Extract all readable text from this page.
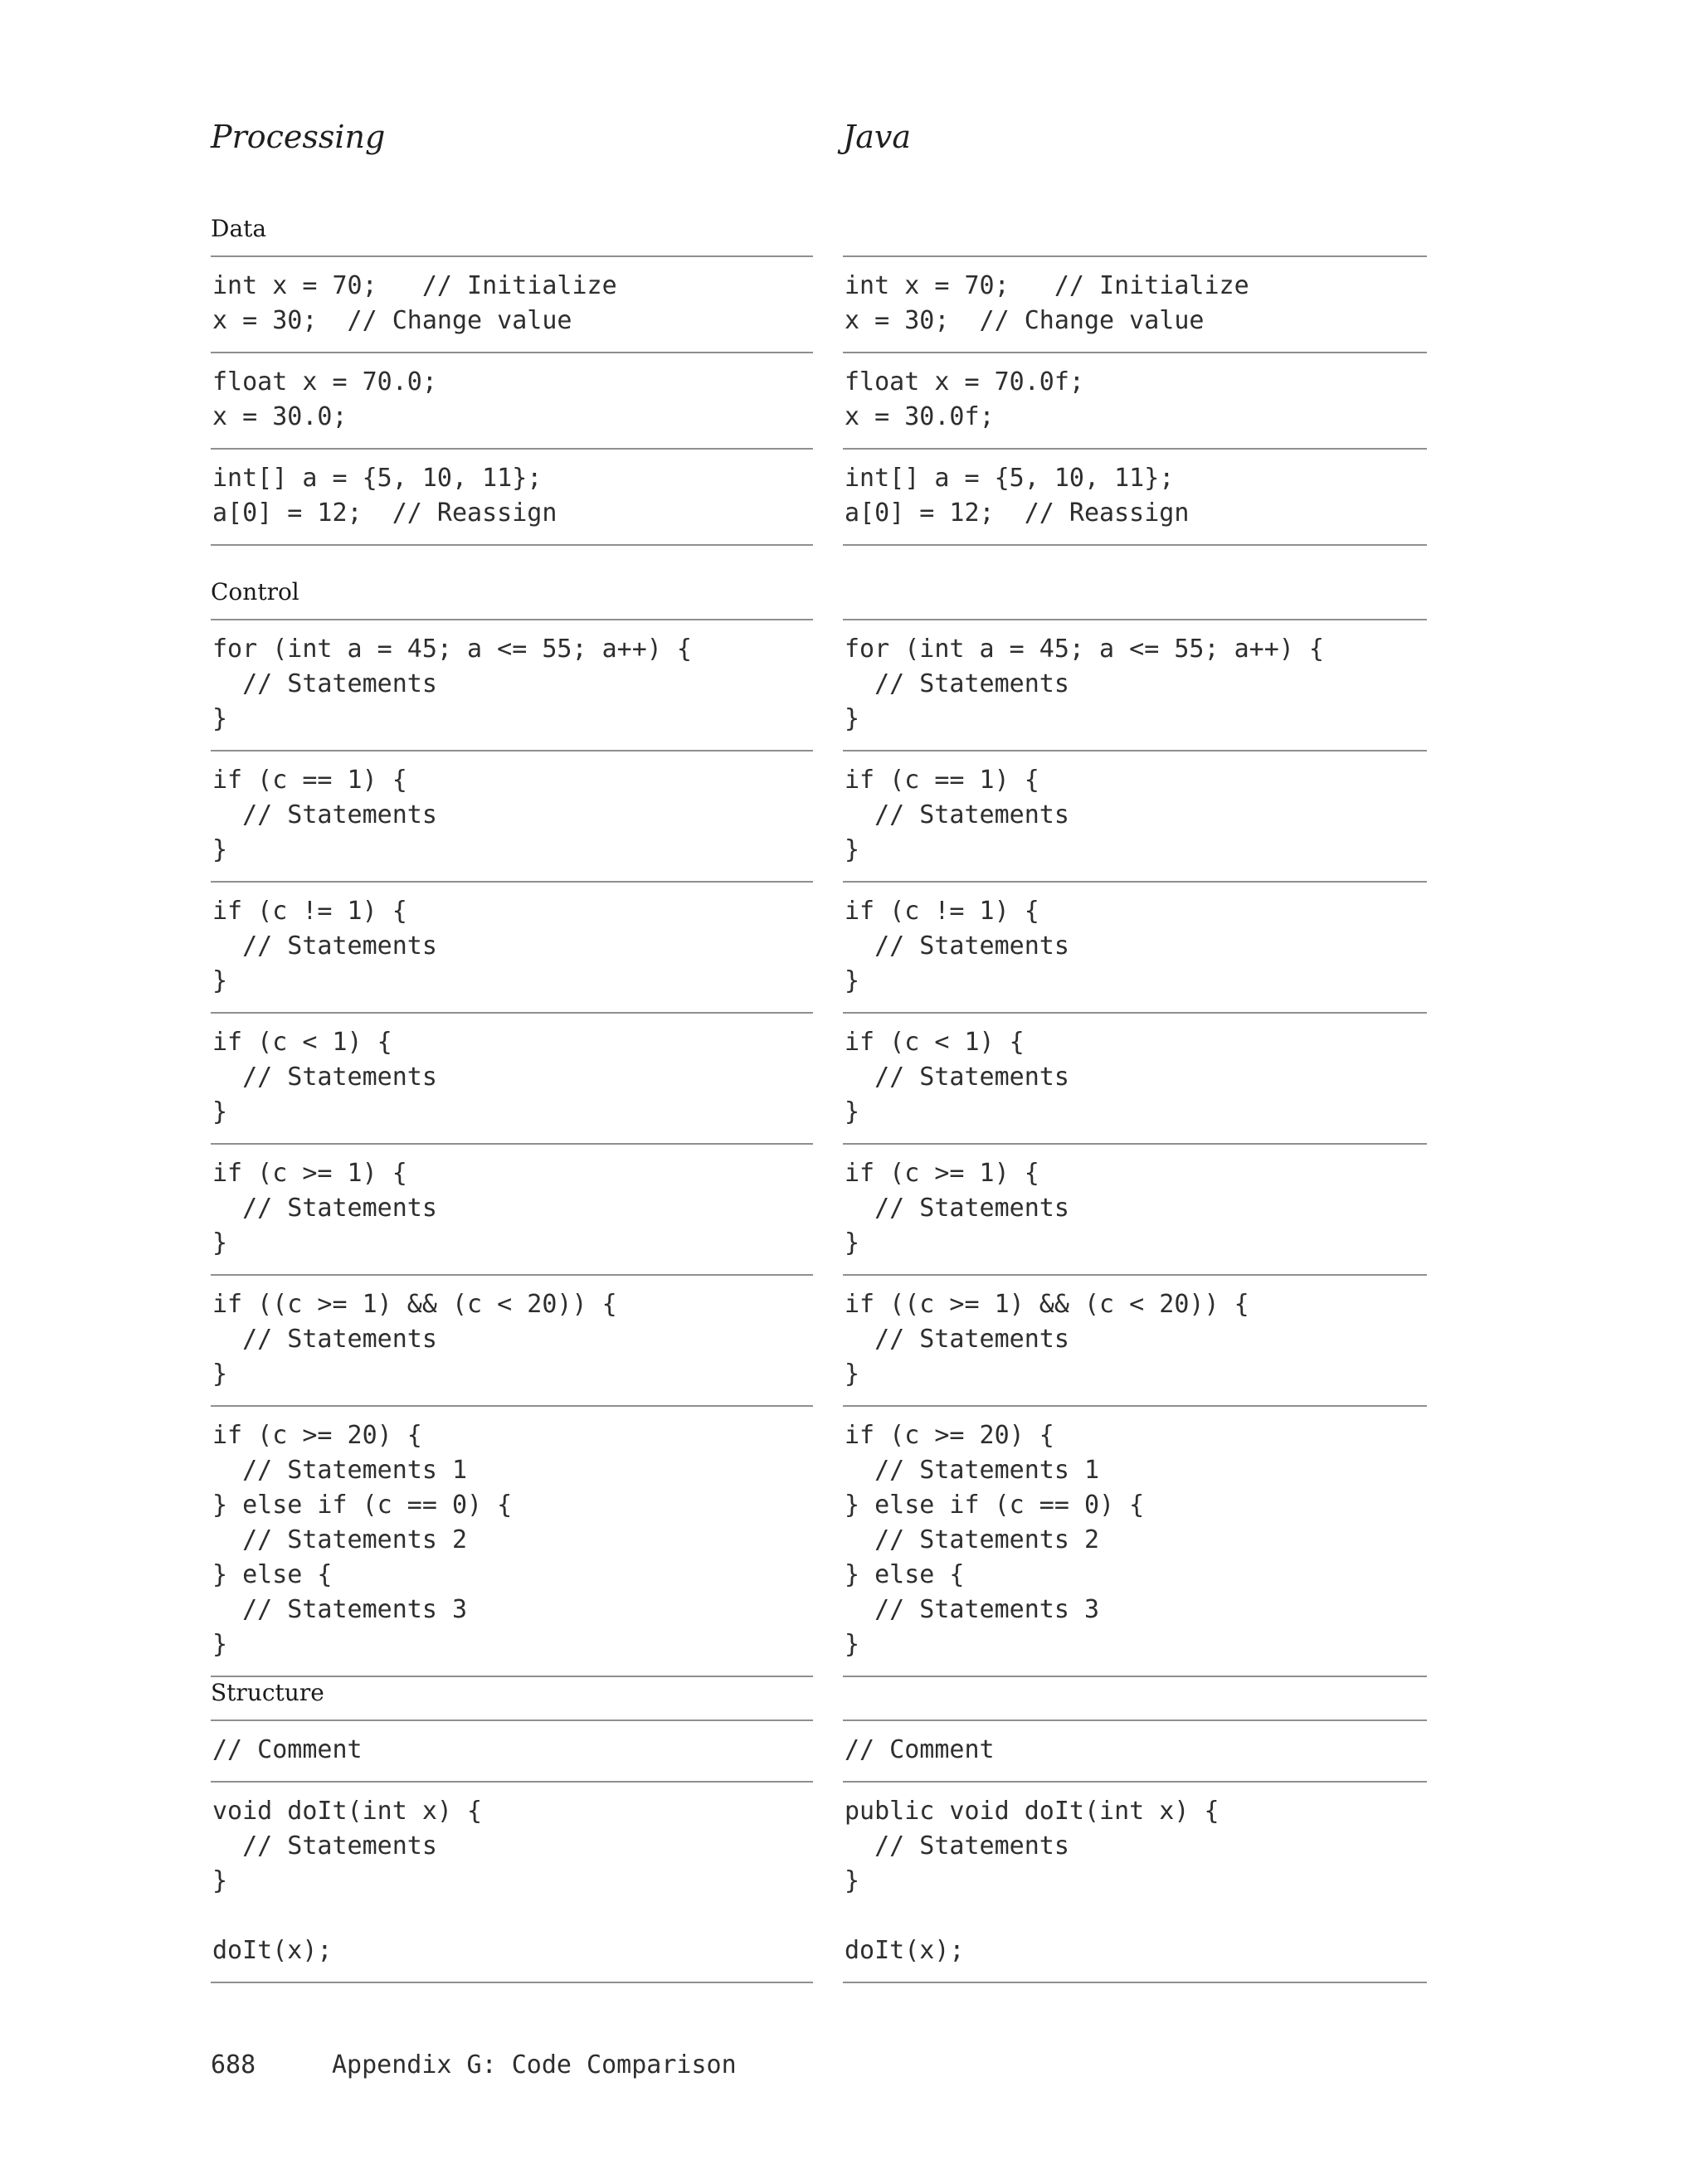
Processing	Java
Data
int x = 70;   // Initialize
x = 30;  // Change value
float x = 70.0;
x = 30.0;
int[] a = {5, 10, 11};
a[0] = 12;  // Reassign
int x = 70;   // Initialize
x = 30;  // Change value
float x = 70.0f;
x = 30.0f;
int[] a = {5, 10, 11};
a[0] = 12;  // Reassign
Control
for (int a = 45; a <= 55; a++) {
// Statements
}
if (c == 1) {
// Statements
}
if (c != 1) {
// Statements
}
if (c < 1) {
// Statements
}
if (c >= 1) {
// Statements
}
if ((c >= 1) && (c < 20)) {
// Statements
}
if (c >= 20) {
// Statements 1
} else if (c == 0) {
// Statements 2
} else {
// Statements 3
}
for (int a = 45; a <= 55; a++) {
// Statements
}
if (c == 1) {
// Statements
}
if (c != 1) {
// Statements
}
if (c < 1) {
// Statements
}
if (c >= 1) {
// Statements
}
if ((c >= 1) && (c < 20)) {
// Statements
}
if (c >= 20) {
// Statements 1
} else if (c == 0) {
// Statements 2
} else {
// Statements 3
}
Structure
// Comment
void doIt(int x) {
// Statements
}

doIt(x);
// Comment
public void doIt(int x) {
// Statements
}

doIt(x);
688	Appendix G: Code Comparison
